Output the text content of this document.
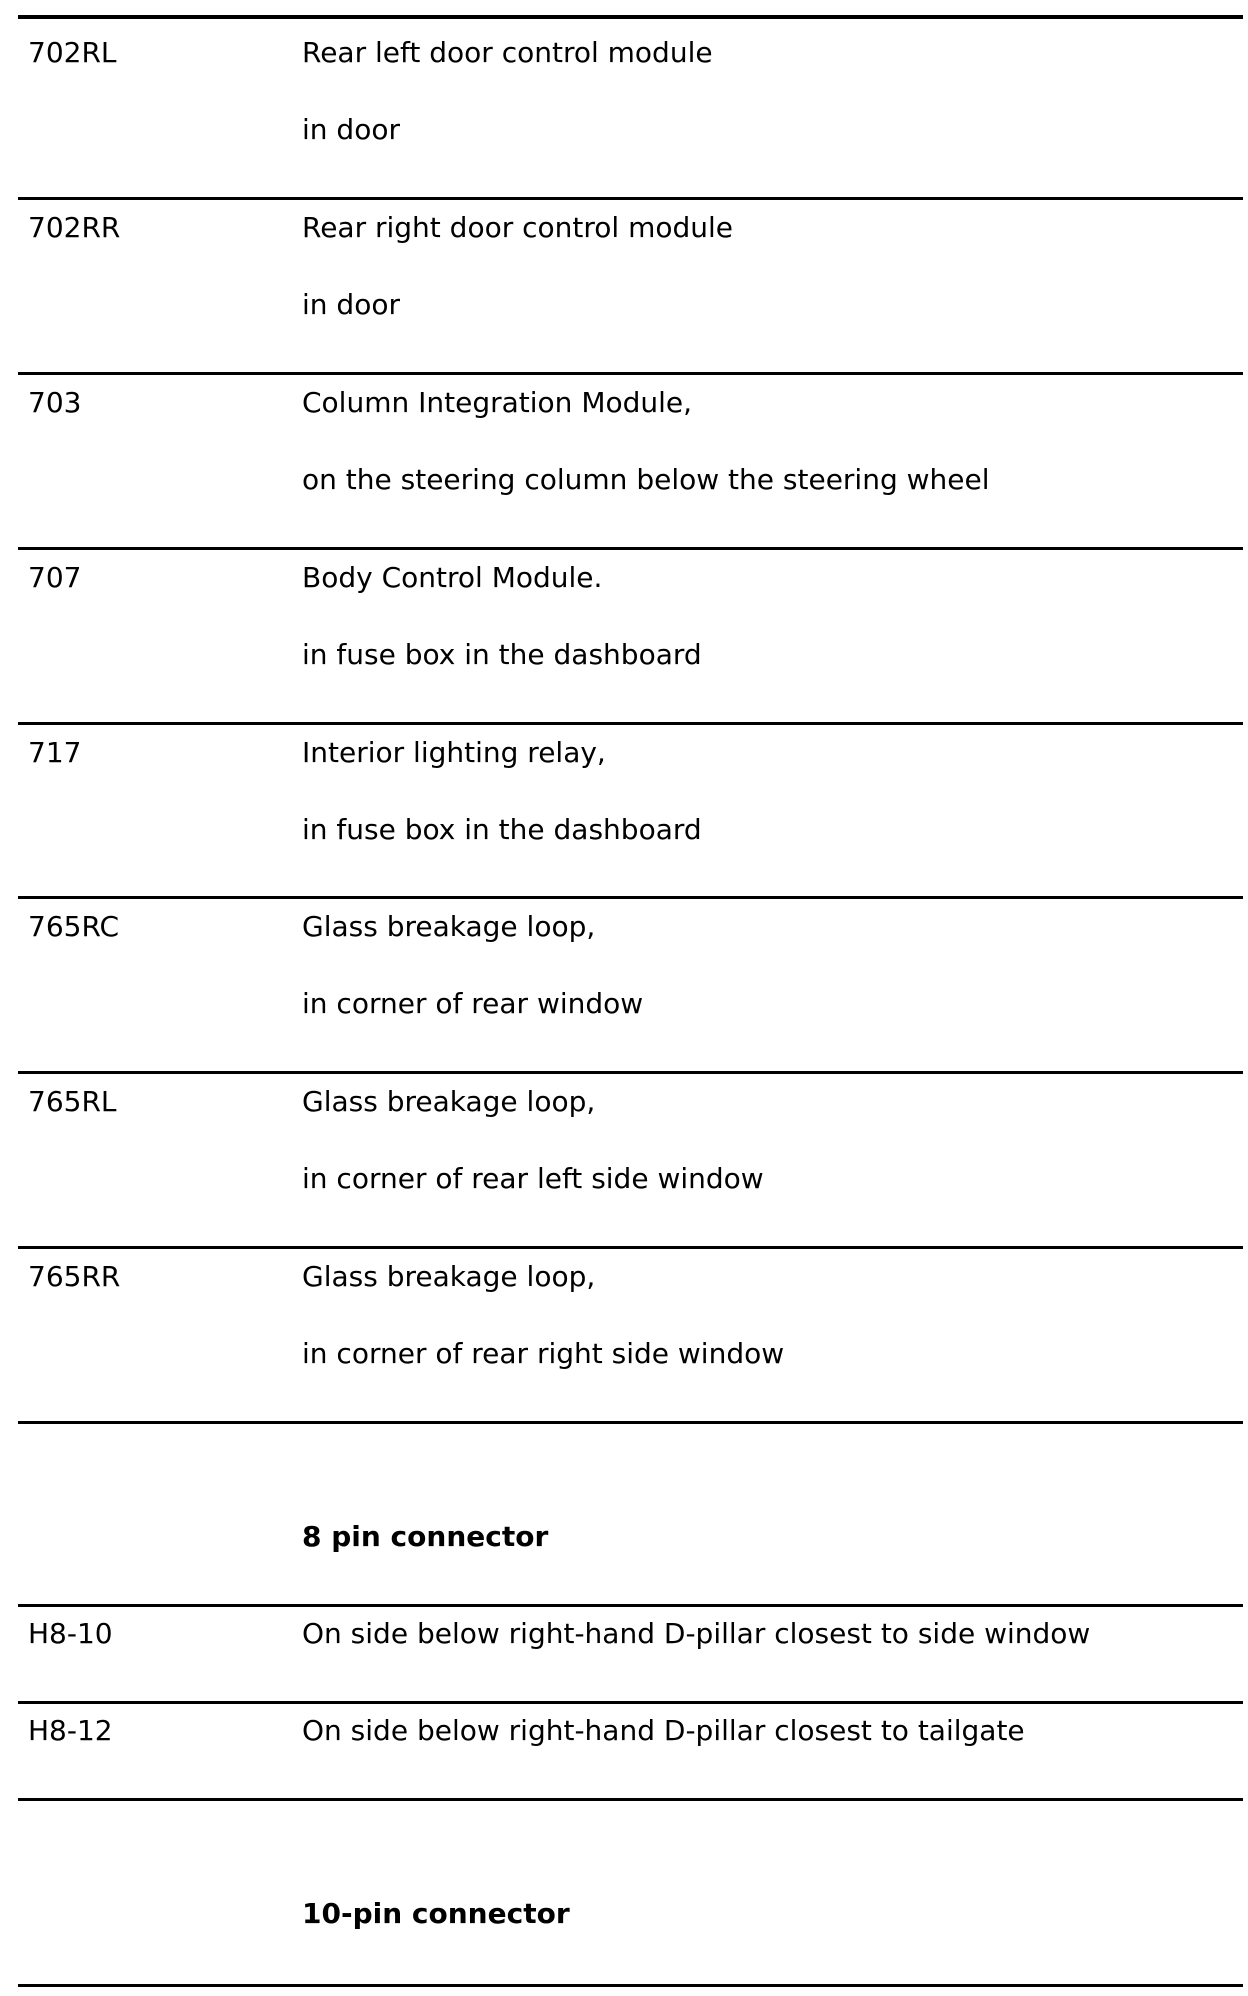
702RL	Rear left door control module
in door
702RR	Rear right door control module
in door
703	Column Integration Module,
on the steering column below the steering wheel
707	Body Control Module.
in fuse box in the dashboard
717	Interior lighting relay,
in fuse box in the dashboard
765RC	Glass breakage loop,
in corner of rear window
765RL	Glass breakage loop,
in corner of rear left side window
765RR	Glass breakage loop,
in corner of rear right side window
8 pin connector
H8-10	On side below right-hand D-pillar closest to side window
H8-12	On side below right-hand D-pillar closest to tailgate
10-pin connector
